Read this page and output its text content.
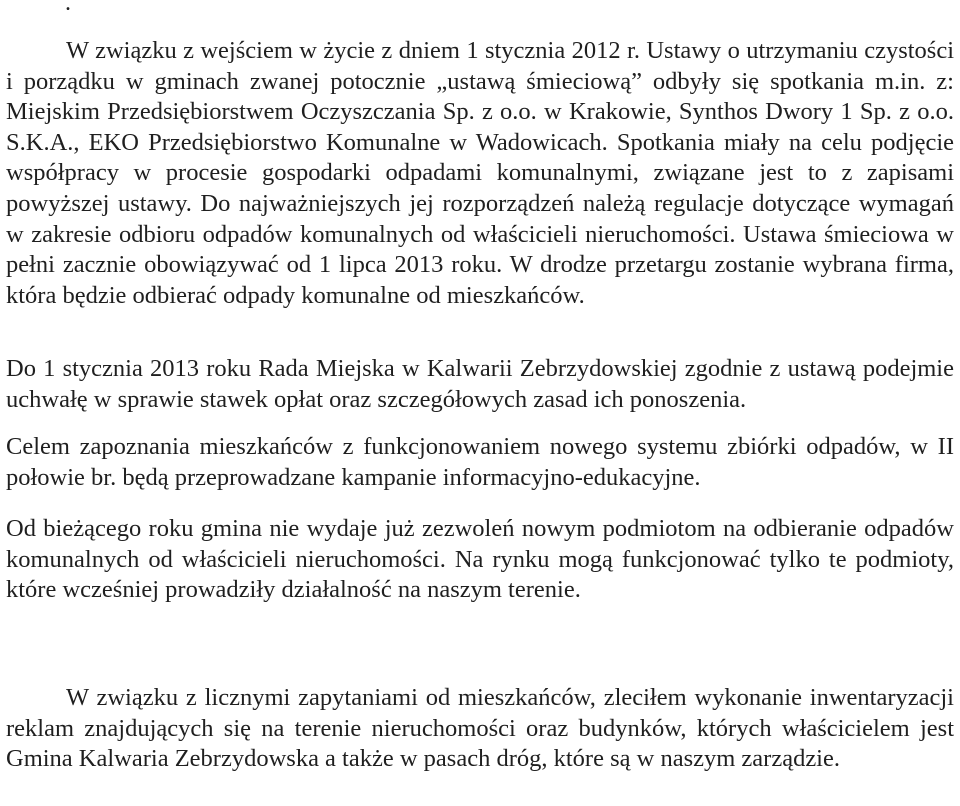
.

W związku z wejściem w życie z dniem 1 stycznia 2012 r. Ustawy o utrzymaniu czystości i porządku w gminach zwanej potocznie „ustawą śmieciową” odbyły się spotkania m.in. z: Miejskim Przedsiębiorstwem Oczyszczania Sp. z o.o. w Krakowie, Synthos Dwory 1 Sp. z o.o. S.K.A., EKO Przedsiębiorstwo Komunalne w Wadowicach. Spotkania miały na celu podjęcie współpracy w procesie gospodarki odpadami komunalnymi, związane jest to z zapisami powyższej ustawy. Do najważniejszych jej rozporządzeń należą regulacje dotyczące wymagań w zakresie odbioru odpadów komunalnych od właścicieli nieruchomości. Ustawa śmieciowa w pełni zacznie obowiązywać od 1 lipca 2013 roku. W drodze przetargu zostanie wybrana firma, która będzie odbierać odpady komunalne od mieszkańców.

Do 1 stycznia 2013 roku Rada Miejska w Kalwarii Zebrzydowskiej zgodnie z ustawą podejmie uchwałę w sprawie stawek opłat oraz szczegółowych zasad ich ponoszenia.

Celem zapoznania mieszkańców z funkcjonowaniem nowego systemu zbiórki odpadów, w II połowie br. będą przeprowadzane kampanie informacyjno-edukacyjne.

Od bieżącego roku gmina nie wydaje już zezwoleń nowym podmiotom na odbieranie odpadów komunalnych od właścicieli nieruchomości. Na rynku mogą funkcjonować tylko te podmioty, które wcześniej prowadziły działalność na naszym terenie.

W związku z licznymi zapytaniami od mieszkańców, zleciłem wykonanie inwentaryzacji reklam znajdujących się na terenie nieruchomości oraz budynków, których właścicielem jest Gmina Kalwaria Zebrzydowska a także w pasach dróg, które są w naszym zarządzie.
